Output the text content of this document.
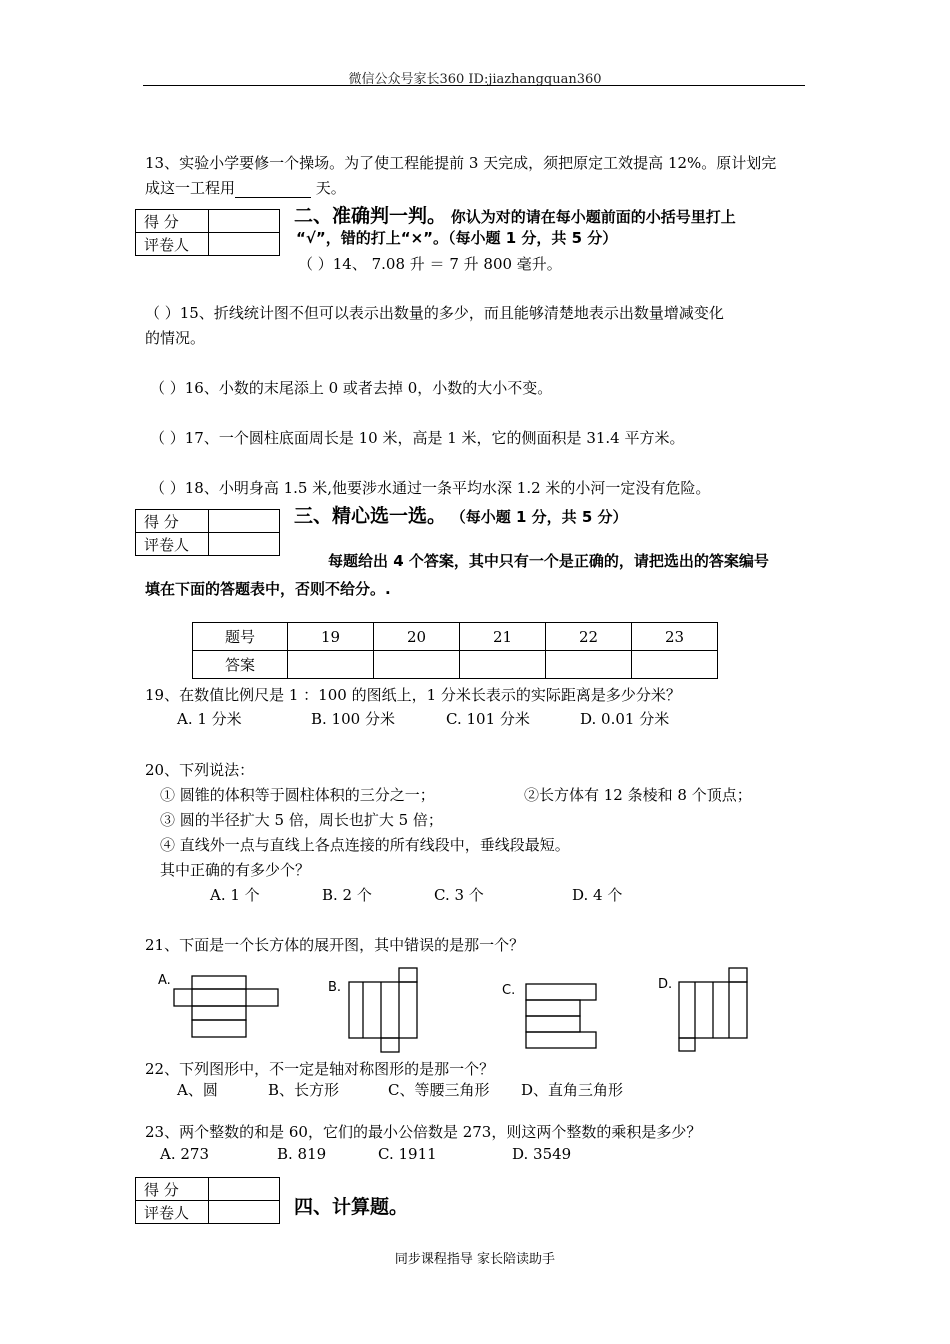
微信公众号家长360 ID:jiazhangquan360
13、实验小学要修一个操场。为了使工程能提前 3 天完成，须把原定工效提高 12%。原计划完
成这一工程用	天。
得 分	
评卷人	
二、准确判一判。 你认为对的请在每小题前面的小括号里打上
“√”，错的打上“×”。（每小题 1 分，共 5 分）
（ ）14、 7.08 升 ＝ 7 升 800 毫升。
（ ）15、折线统计图不但可以表示出数量的多少，而且能够清楚地表示出数量增减变化
的情况。
（ ）16、小数的末尾添上 0 或者去掉 0，小数的大小不变。
（ ）17、一个圆柱底面周长是 10 米，高是 1 米，它的侧面积是 31.4 平方米。
（ ）18、小明身高 1.5 米,他要涉水通过一条平均水深 1.2 米的小河一定没有危险。
得 分	
评卷人	
三、精心选一选。 （每小题 1 分，共 5 分）
每题给出 4 个答案，其中只有一个是正确的，请把选出的答案编号
填在下面的答题表中，否则不给分。.
题号	19	20	21	22	23
答案					
19、在数值比例尺是 1 ：100 的图纸上，1 分米长表示的实际距离是多少分米？
A. 1 分米	B. 100 分米	C. 101 分米	D. 0.01 分米
20、下列说法：
① 圆锥的体积等于圆柱体积的三分之一；	②长方体有 12 条棱和 8 个顶点；
③ 圆的半径扩大 5 倍，周长也扩大 5 倍；
④ 直线外一点与直线上各点连接的所有线段中，垂线段最短。
其中正确的有多少个？
A. 1 个	B. 2 个	C. 3 个	D. 4 个
21、下面是一个长方体的展开图，其中错误的是那一个？
A.	B.	C.	D.
22、下列图形中，不一定是轴对称图形的是那一个？
A、圆	B、长方形	C、等腰三角形 D、直角三角形
23、两个整数的和是 60，它们的最小公倍数是 273，则这两个整数的乘积是多少？
A. 273	B. 819	C. 1911	D. 3549
得 分	
评卷人		四、计算题。
同步课程指导 家长陪读助手
